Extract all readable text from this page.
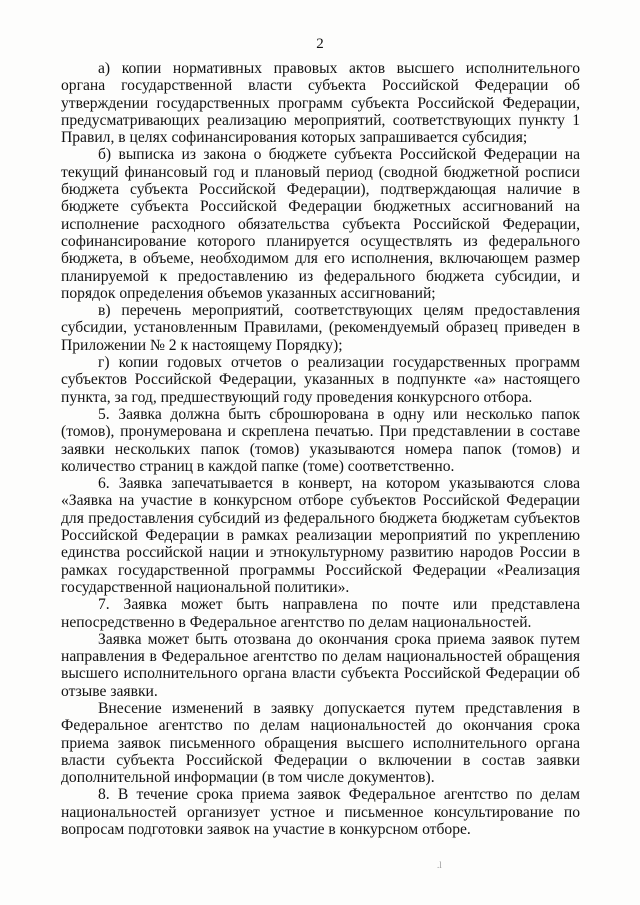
2

а) копии нормативных правовых актов высшего исполнительного органа государственной власти субъекта Российской Федерации об утверждении государственных программ субъекта Российской Федерации, предусматривающих реализацию мероприятий, соответствующих пункту 1 Правил, в целях софинансирования которых запрашивается субсидия;

б) выписка из закона о бюджете субъекта Российской Федерации на текущий финансовый год и плановый период (сводной бюджетной росписи бюджета субъекта Российской Федерации), подтверждающая наличие в бюджете субъекта Российской Федерации бюджетных ассигнований на исполнение расходного обязательства субъекта Российской Федерации, софинансирование которого планируется осуществлять из федерального бюджета, в объеме, необходимом для его исполнения, включающем размер планируемой к предоставлению из федерального бюджета субсидии, и порядок определения объемов указанных ассигнований;

в) перечень мероприятий, соответствующих целям предоставления субсидии, установленным Правилами, (рекомендуемый образец приведен в Приложении № 2 к настоящему Порядку);

г) копии годовых отчетов о реализации государственных программ субъектов Российской Федерации, указанных в подпункте «а» настоящего пункта, за год, предшествующий году проведения конкурсного отбора.

5. Заявка должна быть сброшюрована в одну или несколько папок (томов), пронумерована и скреплена печатью. При представлении в составе заявки нескольких папок (томов) указываются номера папок (томов) и количество страниц в каждой папке (томе) соответственно.

6. Заявка запечатывается в конверт, на котором указываются слова «Заявка на участие в конкурсном отборе субъектов Российской Федерации для предоставления субсидий из федерального бюджета бюджетам субъектов Российской Федерации в рамках реализации мероприятий по укреплению единства российской нации и этнокультурному развитию народов России в рамках государственной программы Российской Федерации «Реализация государственной национальной политики».

7. Заявка может быть направлена по почте или представлена непосредственно в Федеральное агентство по делам национальностей.

Заявка может быть отозвана до окончания срока приема заявок путем направления в Федеральное агентство по делам национальностей обращения высшего исполнительного органа власти субъекта Российской Федерации об отзыве заявки.

Внесение изменений в заявку допускается путем представления в Федеральное агентство по делам национальностей до окончания срока приема заявок письменного обращения высшего исполнительного органа власти субъекта Российской Федерации о включении в состав заявки дополнительной информации (в том числе документов).

8. В течение срока приема заявок Федеральное агентство по делам национальностей организует устное и письменное консультирование по вопросам подготовки заявок на участие в конкурсном отборе.

.l
